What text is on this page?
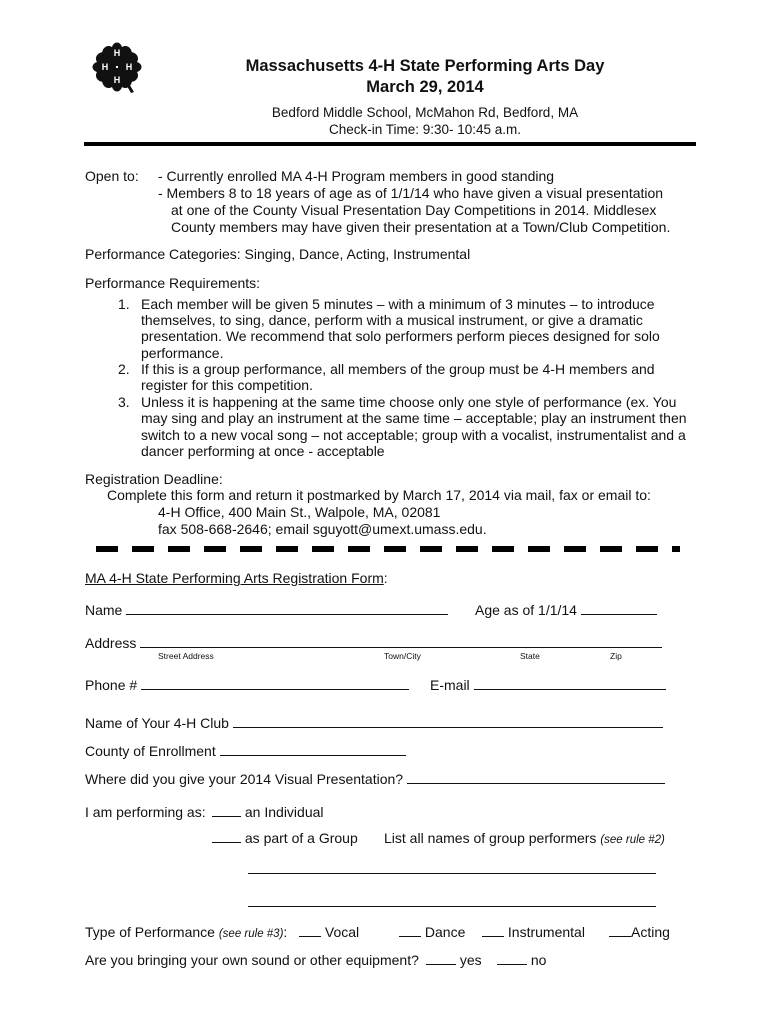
H
H
H
H	Massachusetts 4-H State Performing Arts Day
March 29, 2014
Bedford Middle School, McMahon Rd, Bedford, MA
Check-in Time: 9:30- 10:45 a.m.
Open to: - Currently enrolled MA 4-H Program members in good standing
- Members 8 to 18 years of age as of 1/1/14 who have given a visual presentation
at one of the County Visual Presentation Day Competitions in 2014. Middlesex
County members may have given their presentation at a Town/Club Competition.
Performance Categories: Singing, Dance, Acting, Instrumental
Performance Requirements:
1. Each member will be given 5 minutes – with a minimum of 3 minutes – to introduce
themselves, to sing, dance, perform with a musical instrument, or give a dramatic
presentation. We recommend that solo performers perform pieces designed for solo
performance.
2. If this is a group performance, all members of the group must be 4-H members and
register for this competition.
3. Unless it is happening at the same time choose only one style of performance (ex. You
may sing and play an instrument at the same time – acceptable; play an instrument then
switch to a new vocal song – not acceptable; group with a vocalist, instrumentalist and a
dancer performing at once - acceptable
Registration Deadline:
Complete this form and return it postmarked by March 17, 2014 via mail, fax or email to:
4-H Office, 400 Main St., Walpole, MA, 02081
fax 508-668-2646; email sguyott@umext.umass.edu.
MA 4-H State Performing Arts Registration Form:
Name	Age as of 1/1/14
Address
Street Address	Town/City	State	Zip
Phone #	E-mail
Name of Your 4-H Club
County of Enrollment
Where did you give your 2014 Visual Presentation?
I am performing as:	an Individual
as part of a Group List all names of group performers (see rule #2)
Type of Performance (see rule #3):	Vocal	Dance	Instrumental	Acting
Are you bringing your own sound or other equipment?	yes	no
